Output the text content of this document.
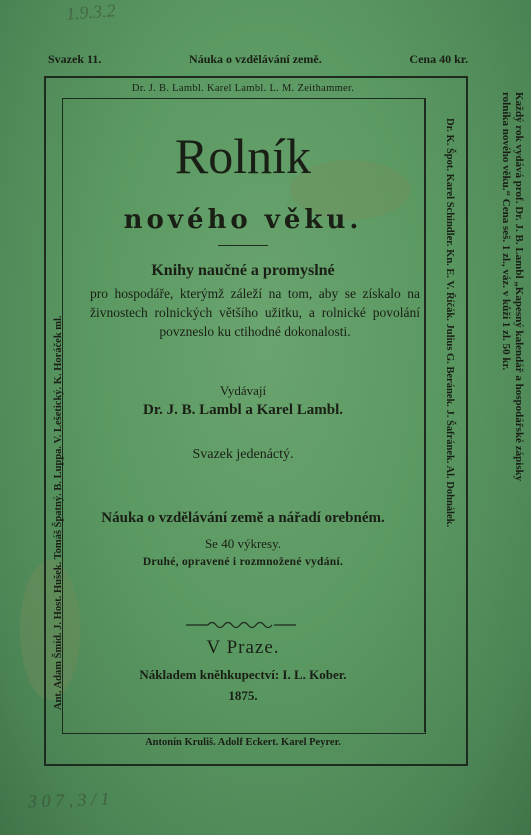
1.9.3.2
3 0 7 , 3 / 1
Svazek 11.	Náuka o vzdělávání země.	Cena 40 kr.
Dr. J. B. Lambl. Karel Lambl. L. M. Zeithammer.
Ant. Adam Šmíd. J. Host. Hušek. Tomáš Špatný. B. Luppa. V. Lešetický. K. Horáček ml.	Dr. K. Špot. Karel Schindler. Kn. E. V. Říčák. Julius G. Beránek. J. Šafránek. Al. Dohnálek.	Každý rok vydává prof. Dr. J. B. Lambl „Kapesný kalendář a hospodářské zápisky
rolníka nového věku.“ Cena seš. 1 zl., váz. v kůži 1 zl. 50 kr.
Rolník
nového věku.
Knihy naučné a promyslné
pro hospodáře, kterýmž záleží na tom, aby se získalo na živnostech rolnických většího užitku, a rolnické povolání povzneslo ku ctihodné dokonalosti.
Vydávají
Dr. J. B. Lambl a Karel Lambl.
Svazek jedenáctý.
Náuka o vzdělávání země a nářadí orebném.
Se 40 výkresy.
Druhé, opravené i rozmnožené vydání.
V Praze.
Nákladem kněhkupectví: I. L. Kober.
1875.
Antonín Kruliš. Adolf Eckert. Karel Peyrer.
